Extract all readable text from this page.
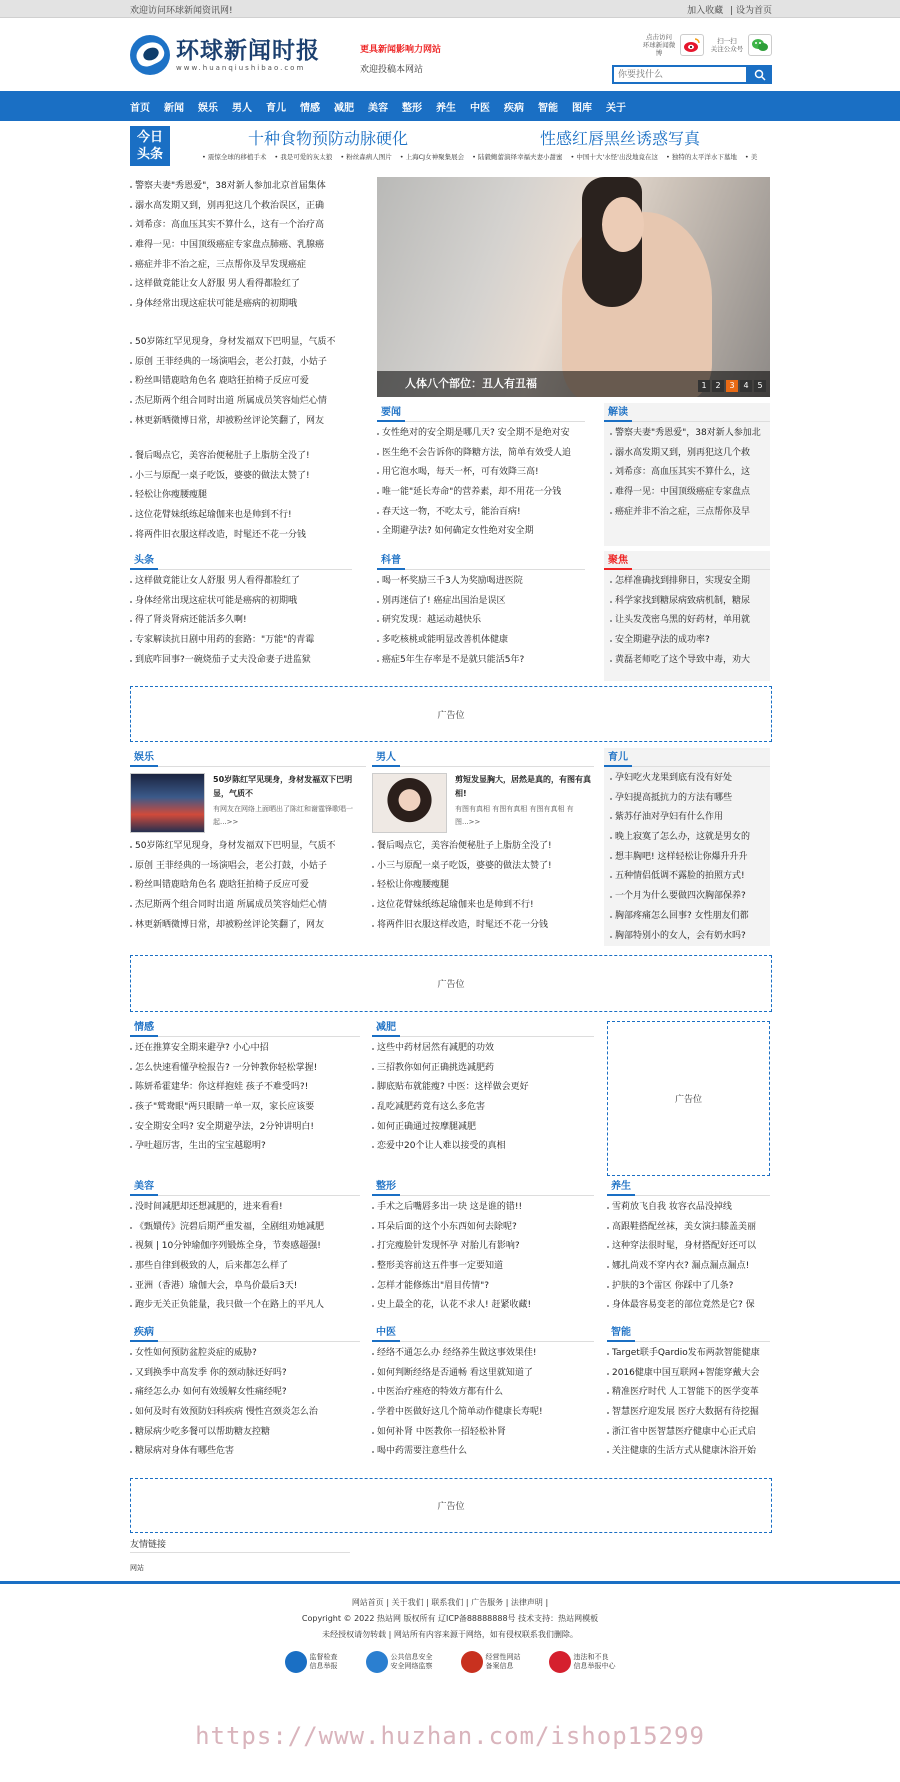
欢迎访问环球新闻资讯网!	加入收藏 | 设为首页
环球新闻时报
www.huanqiushibao.com
更具新闻影响力网站
欢迎投稿本网站
点击访问
环球新闻微博
扫一扫
关注公众号
你要找什么
首页 新闻 娱乐 男人 育儿 情感 减肥 美容 整形 养生 中医 疾病 智能 图库 关于
今日
头条
十种食物预防动脉硬化	性感红唇黑丝诱惑写真
• 震惊全球的移植手术 • 我是可爱的灰太狼 • 粉丝森病人图片 • 上海CJ女神聚集展会 • 陆毅鲍蕾演绎幸福夫妻小甜蜜 • 中国十大'水怪'出没地竟在这 • 独特的太平洋水下墓地 • 美
警察夫妻"秀恩爱"，38对新人参加北京首届集体
溺水高发期又到，别再犯这几个救治误区，正确
刘希彦：高血压其实不算什么，这有一个治疗高
难得一见：中国顶级癌症专家盘点肺癌、乳腺癌
癌症并非不治之症，三点帮你及早发现癌症
这样做竟能让女人舒服 男人看得都脸红了
身体经常出现这症状可能是癌病的初期哦
50岁陈红罕见现身，身材发福双下巴明显，气质不
原创 王菲经典的一场演唱会，老公打鼓，小姑子
粉丝叫错鹿晗角色名 鹿晗狂拍椅子反应可爱
杰尼斯两个组合同时出道 所属成员笑容灿烂心情
林更新晒微博日常，却被粉丝评论笑翻了，网友
餐后喝点它，美容治便秘肚子上脂肪全没了!
小三与原配一桌子吃饭，婆婆的做法太赞了!
轻松让你瘦腰瘦腿
这位花臂妹纸练起瑜伽来也是帅到不行!
将两件旧衣服这样改造，时髦还不花一分钱
人体八个部位：丑人有丑福	1	2	3	4	5
要闻
女性绝对的安全期是哪几天? 安全期不是绝对安
医生绝不会告诉你的降糖方法，简单有效受人追
用它泡水喝，每天一杯，可有效降三高!
唯一能"延长寿命"的营养素，却不用花一分钱
春天这一物，不吃太亏，能治百病!
全期避孕法? 如何确定女性绝对安全期
解读
警察夫妻"秀恩爱"，38对新人参加北
溺水高发期又到，别再犯这几个救
刘希彦：高血压其实不算什么，这
难得一见：中国顶级癌症专家盘点
癌症并非不治之症，三点帮你及早
头条
这样做竟能让女人舒服 男人看得都脸红了
身体经常出现这症状可能是癌病的初期哦
得了肾炎肾病还能活多久啊!
专家解读抗日剧中用药的套路："万能"的青霉
到底咋回事?一碗烧茄子丈夫没命妻子进监狱
科普
喝一杯奖励三千3人为奖励喝进医院
别再迷信了! 癌症出国治是误区
研究发现：越运动越快乐
多吃核桃或能明显改善机体健康
癌症5年生存率是不是就只能活5年?
聚焦
怎样准确找到排卵日，实现安全期
科学家找到糖尿病致病机制，糖尿
让头发茂密乌黑的好药材，单用就
安全期避孕法的成功率?
黄磊老师吃了这个导致中毒，劝大
广告位
娱乐
50岁陈红罕见现身，身材发福双下巴明显，气质不
有网友在网络上面晒出了陈红和谢霆锋歌唱一起...>>
50岁陈红罕见现身，身材发福双下巴明显，气质不
原创 王菲经典的一场演唱会，老公打鼓，小姑子
粉丝叫错鹿晗角色名 鹿晗狂拍椅子反应可爱
杰尼斯两个组合同时出道 所属成员笑容灿烂心情
林更新晒微博日常，却被粉丝评论笑翻了，网友
男人
剪短发显胸大，居然是真的，有图有真相!
有图有真相 有图有真相 有图有真相 有图...>>
餐后喝点它，美容治便秘肚子上脂肪全没了!
小三与原配一桌子吃饭，婆婆的做法太赞了!
轻松让你瘦腰瘦腿
这位花臂妹纸练起瑜伽来也是帅到不行!
将两件旧衣服这样改造，时髦还不花一分钱
育儿
孕妇吃火龙果到底有没有好处
孕妇提高抵抗力的方法有哪些
紫苏仔油对孕妇有什么作用
晚上寂寞了怎么办，这就是男女的
想丰胸吧! 这样轻松让你爆升升升
五种情侣低调不露脸的拍照方式!
一个月为什么要做四次胸部保养?
胸部疼痛怎么回事? 女性朋友们都
胸部特别小的女人，会有奶水吗?
广告位
情感
还在推算安全期来避孕? 小心中招
怎么快速看懂孕检报告? 一分钟教你轻松掌握!
陈妍希霍建华：你这样抱娃 孩子不难受吗?!
孩子"鹫鸯眼"两只眼睛一单一双，家长应该要
安全期安全吗? 安全期避孕法，2分钟讲明白!
孕吐超厉害，生出的宝宝越聪明?
减肥
这些中药材居然有减肥的功效
三招教你如何正确挑选减肥药
脚底贴布就能瘦? 中医：这样做会更好
乱吃减肥药竟有这么多危害
如何正确通过按摩腿减肥
恋爱中20个让人难以接受的真相
广告位
美容
没时间减肥却还想减肥的，进来看看!
《甄嬛传》浣碧后期严重发福，全剧组劝她减肥
视频 | 10分钟瑜伽序列锻炼全身，节奏感超强!
那些自律到极致的人，后来都怎么样了
亚洲（香港）瑜伽大会，阜鸟价最后3天!
跑步无关正负能量，我只做一个在路上的平凡人
整形
手术之后嘴唇多出一块 这是谁的错!!
耳朵后面的这个小东西如何去除呢?
打完瘦脸针发现怀孕 对胎儿有影响?
整形美容前这五件事一定要知道
怎样才能修炼出"眉目传情"?
史上最全的花，认花不求人! 赶紧收藏!
养生
雪莉放飞自我 妆容衣品没掉线
高跟鞋搭配丝袜，美女演扫膝盖美丽
这种穿法很时髦，身材搭配好还可以
娜扎尚戏不穿内衣? 漏点漏点漏点!
护肤的3个雷区 你踩中了几条?
身体最容易变老的部位竟然是它? 保
疾病
女性如何预防盆腔炎症的威胁?
又到换季中高发季 你的颈动脉还好吗?
痛经怎么办 如何有效缓解女性痛经呢?
如何及时有效预防妇科疾病 慢性宫颈炎怎么治
糖尿病少吃多餐可以帮助糖友控糖
糖尿病对身体有哪些危害
中医
经络不通怎么办 经络养生做这事效果佳!
如何判断经络是否通畅 看这里就知道了
中医治疗痤疮的特效方都有什么
学着中医做好这几个简单动作健康长寿呢!
如何补肾 中医教你一招轻松补肾
喝中药需要注意些什么
智能
Target联手Qardio发布两款智能健康
2016健康中国互联网+智能穿戴大会
精准医疗时代 人工智能下的医学变革
智慧医疗迎发展 医疗大数据有待挖掘
浙江省中医智慧医疗健康中心正式启
关注健康的生活方式从健康沐浴开始
广告位
友情链接
网站
网站首页 | 关于我们 | 联系我们 | 广告服务 | 法律声明 |
Copyright © 2022 热站网 版权所有 辽ICP备88888888号 技术支持：热站网模板
未经授权请勿转载 | 网站所有内容来源于网络，如有侵权联系我们删除。
监督检查
信息举报
公共信息安全
安全网络监察
经营性网站
备案信息
违法和不良
信息举报中心
https://www.huzhan.com/ishop15299
